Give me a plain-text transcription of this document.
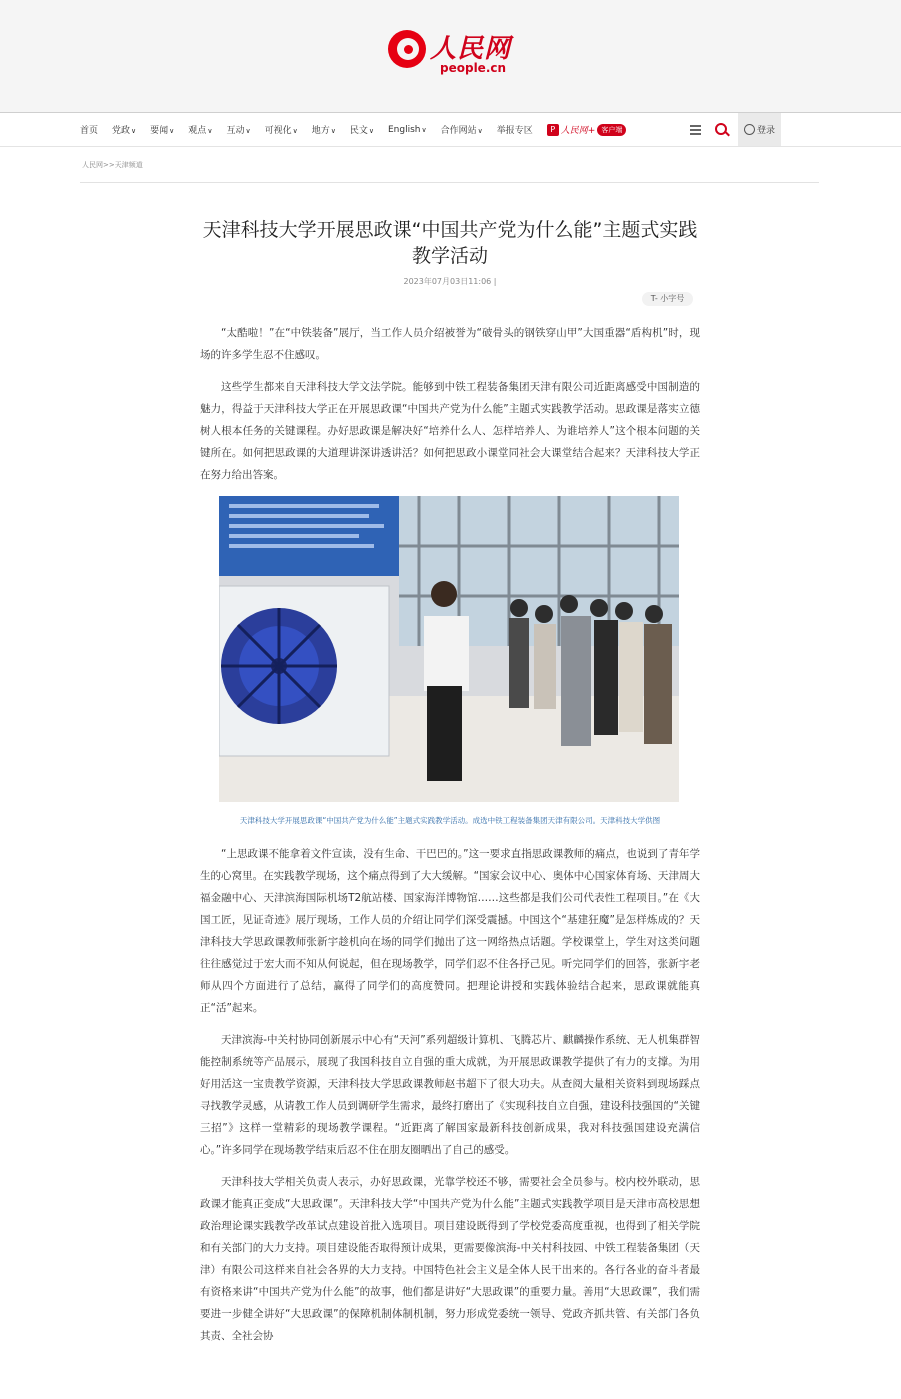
人民网
people.cn
首页 党政∨ 要闻∨ 观点∨ 互动∨ 可视化∨ 地方∨ 民文∨ English∨ 合作网站∨ 举报专区	P 人民网+ 客户端	登录
人民网>>天津频道
天津科技大学开展思政课“中国共产党为什么能”主题式实践教学活动
2023年07月03日11:06 |
T- 小字号

“太酷啦！”在“中铁装备”展厅，当工作人员介绍被誉为“破骨头的钢铁穿山甲”大国重器“盾构机”时，现场的许多学生忍不住感叹。

这些学生都来自天津科技大学文法学院。能够到中铁工程装备集团天津有限公司近距离感受中国制造的魅力，得益于天津科技大学正在开展思政课“中国共产党为什么能”主题式实践教学活动。思政课是落实立德树人根本任务的关键课程。办好思政课是解决好“培养什么人、怎样培养人、为谁培养人”这个根本问题的关键所在。如何把思政课的大道理讲深讲透讲活？如何把思政小课堂同社会大课堂结合起来？天津科技大学正在努力给出答案。

天津科技大学开展思政课“中国共产党为什么能”主题式实践教学活动。成选中铁工程装备集团天津有限公司。天津科技大学供图

“上思政课不能拿着文件宣读，没有生命、干巴巴的。”这一要求直指思政课教师的痛点，也说到了青年学生的心窝里。在实践教学现场，这个痛点得到了大大缓解。“国家会议中心、奥体中心国家体育场、天津周大福金融中心、天津滨海国际机场T2航站楼、国家海洋博物馆……这些都是我们公司代表性工程项目。”在《大国工匠，见证奇迹》展厅现场，工作人员的介绍让同学们深受震撼。中国这个“基建狂魔”是怎样炼成的？天津科技大学思政课教师张新宇趁机向在场的同学们抛出了这一网络热点话题。学校课堂上，学生对这类问题往往感觉过于宏大而不知从何说起，但在现场教学，同学们忍不住各抒己见。听完同学们的回答，张新宇老师从四个方面进行了总结，赢得了同学们的高度赞同。把理论讲授和实践体验结合起来，思政课就能真正“活”起来。

天津滨海-中关村协同创新展示中心有“天河”系列超级计算机、飞腾芯片、麒麟操作系统、无人机集群智能控制系统等产品展示，展现了我国科技自立自强的重大成就，为开展思政课教学提供了有力的支撑。为用好用活这一宝贵教学资源，天津科技大学思政课教师赵书超下了很大功夫。从查阅大量相关资料到现场踩点寻找教学灵感，从请教工作人员到调研学生需求，最终打磨出了《实现科技自立自强，建设科技强国的“关键三招”》这样一堂精彩的现场教学课程。“近距离了解国家最新科技创新成果，我对科技强国建设充满信心。”许多同学在现场教学结束后忍不住在朋友圈晒出了自己的感受。

天津科技大学相关负责人表示，办好思政课，光靠学校还不够，需要社会全员参与。校内校外联动，思政课才能真正变成“大思政课”。天津科技大学“中国共产党为什么能”主题式实践教学项目是天津市高校思想政治理论课实践教学改革试点建设首批入选项目。项目建设既得到了学校党委高度重视，也得到了相关学院和有关部门的大力支持。项目建设能否取得预计成果，更需要像滨海-中关村科技园、中铁工程装备集团（天津）有限公司这样来自社会各界的大力支持。中国特色社会主义是全体人民干出来的。各行各业的奋斗者最有资格来讲“中国共产党为什么能”的故事，他们都是讲好“大思政课”的重要力量。善用“大思政课”，我们需要进一步健全讲好“大思政课”的保障机制体制机制，努力形成党委统一领导、党政齐抓共管、有关部门各负其责、全社会协
